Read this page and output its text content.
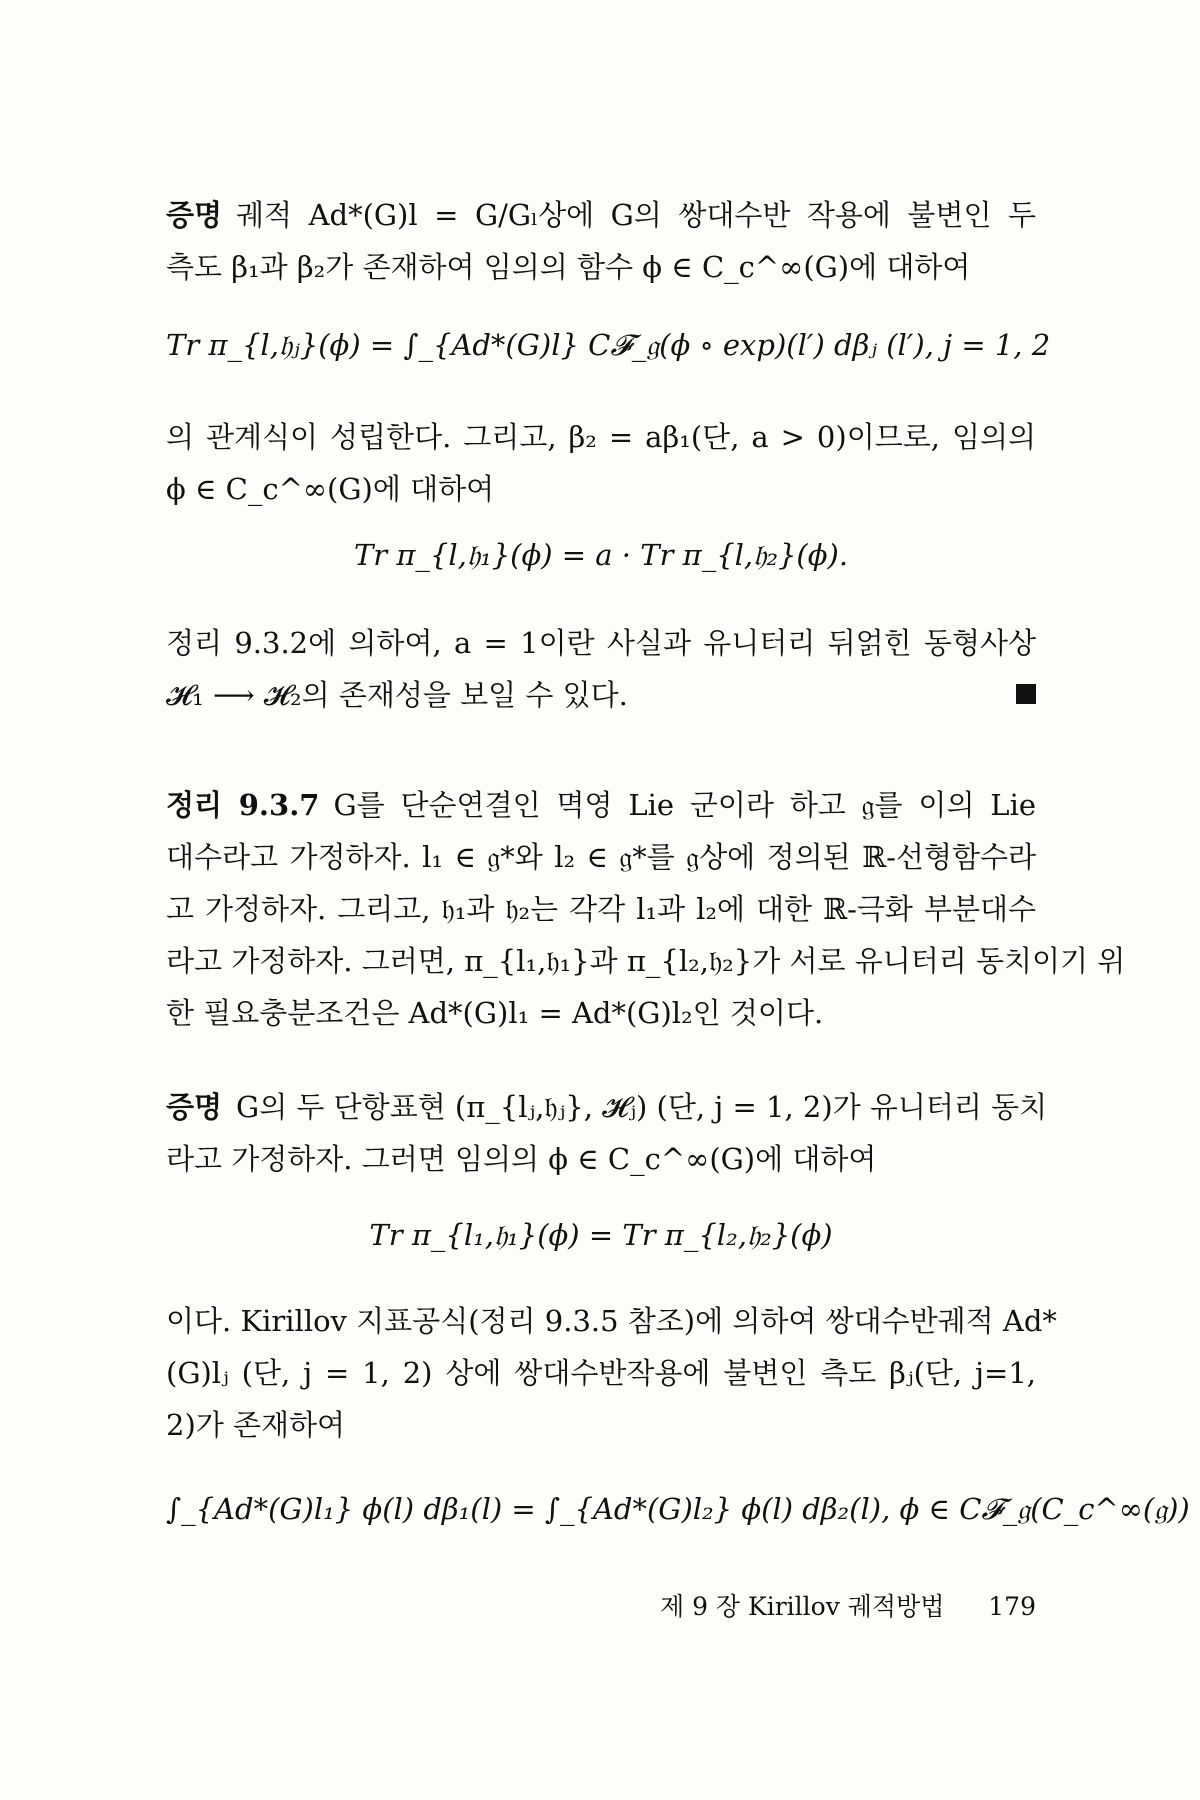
증명 궤적 Ad*(G)l = G/Gₗ상에 G의 쌍대수반 작용에 불변인 두
측도 β₁과 β₂가 존재하여 임의의 함수 ϕ ∈ C_c^∞(G)에 대하여
Tr π_{l,𝔥ⱼ}(ϕ) = ∫_{Ad*(G)l} C𝓕_𝔤(ϕ ∘ exp)(l′) dβⱼ (l′), j = 1, 2
의 관계식이 성립한다. 그리고, β₂ = aβ₁(단, a > 0)이므로, 임의의
ϕ ∈ C_c^∞(G)에 대하여
Tr π_{l,𝔥₁}(ϕ) = a · Tr π_{l,𝔥₂}(ϕ).
정리 9.3.2에 의하여, a = 1이란 사실과 유니터리 뒤얽힌 동형사상
𝓗₁ ⟶ 𝓗₂의 존재성을 보일 수 있다.
정리 9.3.7 G를 단순연결인 멱영 Lie 군이라 하고 𝔤를 이의 Lie
대수라고 가정하자. l₁ ∈ 𝔤*와 l₂ ∈ 𝔤*를 𝔤상에 정의된 ℝ-선형함수라
고 가정하자. 그리고, 𝔥₁과 𝔥₂는 각각 l₁과 l₂에 대한 ℝ-극화 부분대수
라고 가정하자. 그러면, π_{l₁,𝔥₁}과 π_{l₂,𝔥₂}가 서로 유니터리 동치이기 위
한 필요충분조건은 Ad*(G)l₁ = Ad*(G)l₂인 것이다.
증명 G의 두 단항표현 (π_{lⱼ,𝔥ⱼ}, 𝓗ⱼ) (단, j = 1, 2)가 유니터리 동치
라고 가정하자. 그러면 임의의 ϕ ∈ C_c^∞(G)에 대하여
Tr π_{l₁,𝔥₁}(ϕ) = Tr π_{l₂,𝔥₂}(ϕ)
이다. Kirillov 지표공식(정리 9.3.5 참조)에 의하여 쌍대수반궤적 Ad*
(G)lⱼ (단, j = 1, 2) 상에 쌍대수반작용에 불변인 측도 βⱼ(단, j=1,
2)가 존재하여
∫_{Ad*(G)l₁} ϕ(l) dβ₁(l) = ∫_{Ad*(G)l₂} ϕ(l) dβ₂(l), ϕ ∈ C𝓕_𝔤(C_c^∞(𝔤))
제 9 장 Kirillov 궤적방법 179
